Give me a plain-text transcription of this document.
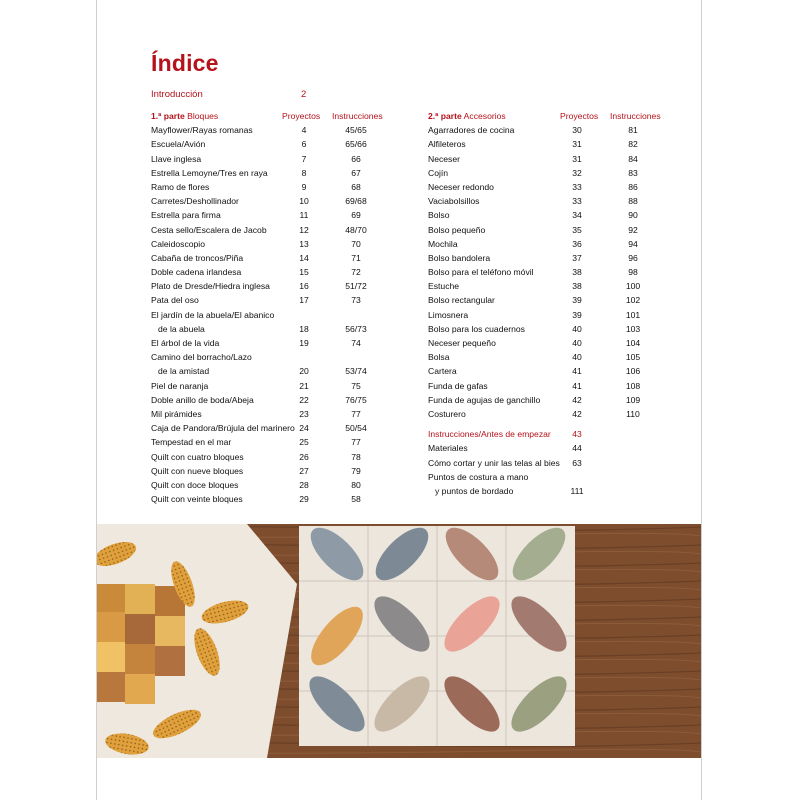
Índice
Introducción	2
1.ª parte Bloques	Proyectos Instrucciones
Mayflower/Rayas romanas	4	45/65
Escuela/Avión	6	65/66
Llave inglesa	7	66
Estrella Lemoyne/Tres en raya	8	67
Ramo de flores	9	68
Carretes/Deshollinador	10	69/68
Estrella para firma	11	69
Cesta sello/Escalera de Jacob	12	48/70
Caleidoscopio	13	70
Cabaña de troncos/Piña	14	71
Doble cadena irlandesa	15	72
Plato de Dresde/Hiedra inglesa	16	51/72
Pata del oso	17	73
El jardín de la abuela/El abanico
de la abuela	18	56/73
El árbol de la vida	19	74
Camino del borracho/Lazo
de la amistad	20	53/74
Piel de naranja	21	75
Doble anillo de boda/Abeja	22	76/75
Mil pirámides	23	77
Caja de Pandora/Brújula del marinero 24	50/54
Tempestad en el mar	25	77
Quilt con cuatro bloques	26	78
Quilt con nueve bloques	27	79
Quilt con doce bloques	28	80
Quilt con veinte bloques	29	58
2.ª parte Accesorios	Proyectos Instrucciones
Agarradores de cocina	30	81
Alfileteros	31	82
Neceser	31	84
Cojín	32	83
Neceser redondo	33	86
Vaciabolsillos	33	88
Bolso	34	90
Bolso pequeño	35	92
Mochila	36	94
Bolso bandolera	37	96
Bolso para el teléfono móvil	38	98
Estuche	38	100
Bolso rectangular	39	102
Limosnera	39	101
Bolso para los cuadernos	40	103
Neceser pequeño	40	104
Bolsa	40	105
Cartera	41	106
Funda de gafas	41	108
Funda de agujas de ganchillo	42	109
Costurero	42	110
Instrucciones/Antes de empezar	43
Materiales	44
Cómo cortar y unir las telas al bies	63
Puntos de costura a mano
y puntos de bordado	111
